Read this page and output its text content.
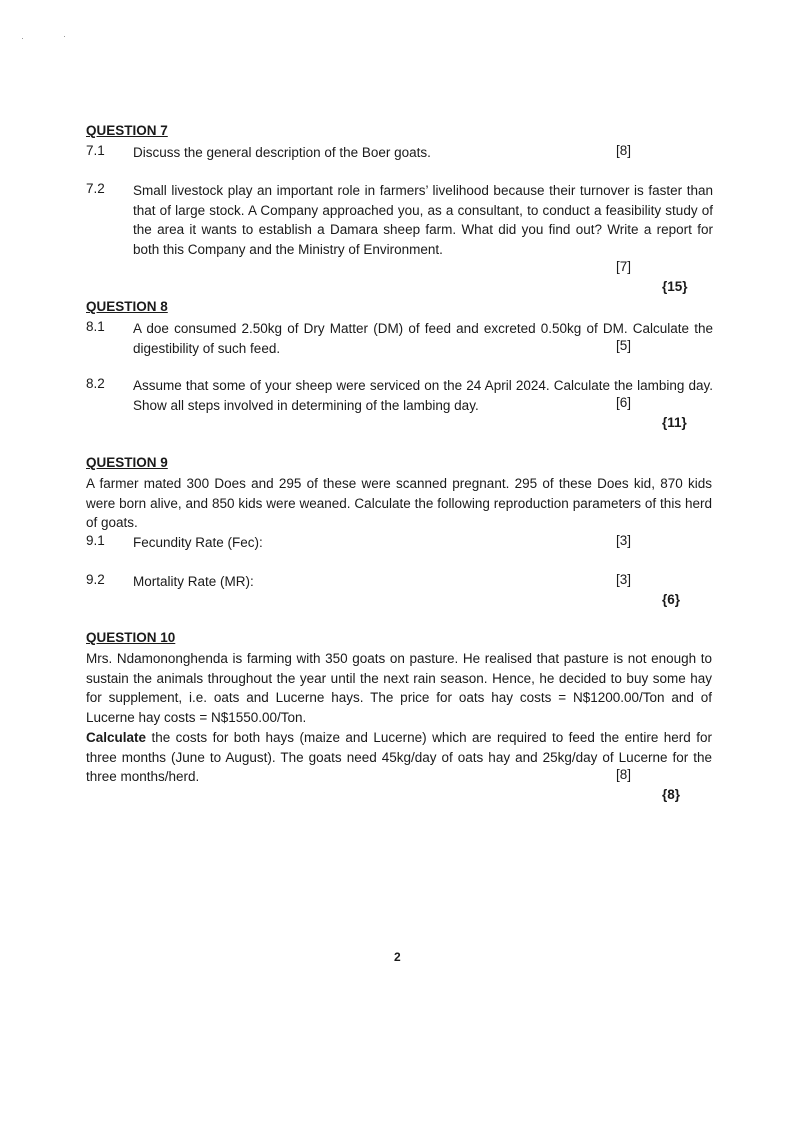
QUESTION 7
7.1 Discuss the general description of the Boer goats.	[8]
7.2 Small livestock play an important role in farmers’ livelihood because their turnover is faster than that of large stock. A Company approached you, as a consultant, to conduct a feasibility study of the area it wants to establish a Damara sheep farm. What did you find out? Write a report for both this Company and the Ministry of Environment.
[7]
{15}
QUESTION 8
8.1 A doe consumed 2.50kg of Dry Matter (DM) of feed and excreted 0.50kg of DM. Calculate the digestibility of such feed.	[5]
8.2 Assume that some of your sheep were serviced on the 24 April 2024. Calculate the lambing day. Show all steps involved in determining of the lambing day.	[6]
{11}
QUESTION 9
A farmer mated 300 Does and 295 of these were scanned pregnant. 295 of these Does kid, 870 kids were born alive, and 850 kids were weaned. Calculate the following reproduction parameters of this herd of goats.
9.1 Fecundity Rate (Fec):	[3]
9.2 Mortality Rate (MR):	[3]
{6}
QUESTION 10
Mrs. Ndamononghenda is farming with 350 goats on pasture. He realised that pasture is not enough to sustain the animals throughout the year until the next rain season. Hence, he decided to buy some hay for supplement, i.e. oats and Lucerne hays. The price for oats hay costs = N$1200.00/Ton and of Lucerne hay costs = N$1550.00/Ton.
Calculate the costs for both hays (maize and Lucerne) which are required to feed the entire herd for three months (June to August). The goats need 45kg/day of oats hay and 25kg/day of Lucerne for the three months/herd.	[8]
{8}
2
